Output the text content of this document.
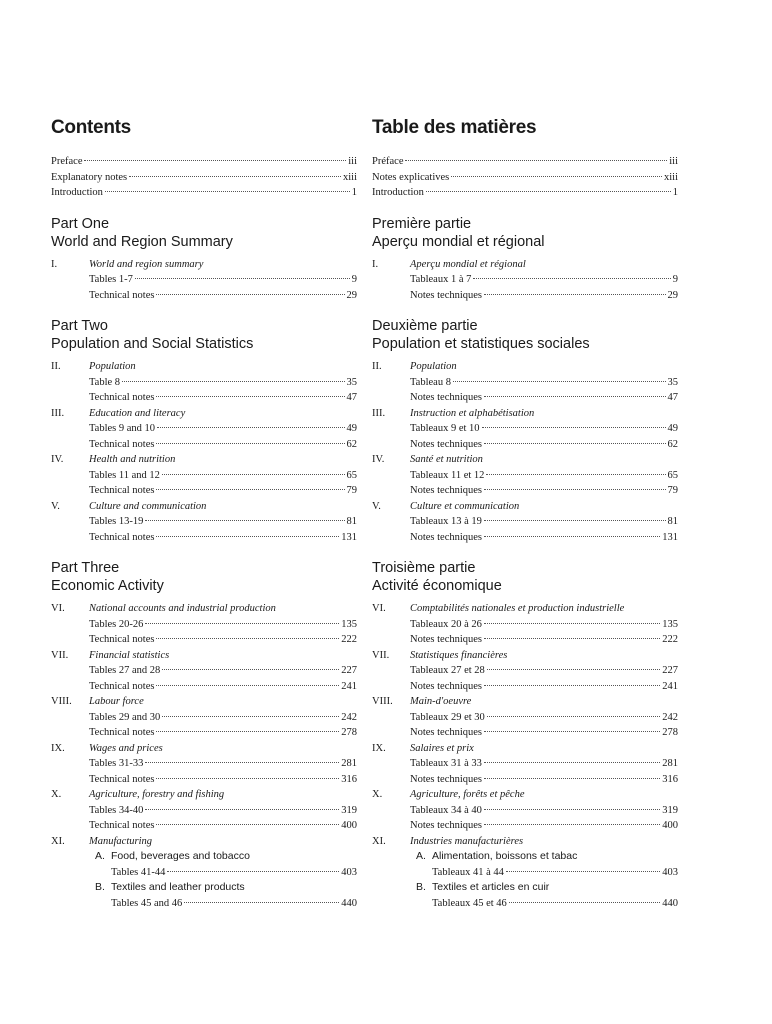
Contents
Preface	iii
Explanatory notes	xiii
Introduction	1
Part One
World and Region Summary
I.	World and region summary
Tables 1-7	9
Technical notes	29
Part Two
Population and Social Statistics
II.	Population
Table 8	35
Technical notes	47
III.	Education and literacy
Tables 9 and 10	49
Technical notes	62
IV.	Health and nutrition
Tables 11 and 12	65
Technical notes	79
V.	Culture and communication
Tables 13-19	81
Technical notes	131
Part Three
Economic Activity
VI.	National accounts and industrial production
Tables 20-26	135
Technical notes	222
VII.	Financial statistics
Tables 27 and 28	227
Technical notes	241
VIII.	Labour force
Tables 29 and 30	242
Technical notes	278
IX.	Wages and prices
Tables 31-33	281
Technical notes	316
X.	Agriculture, forestry and fishing
Tables 34-40	319
Technical notes	400
XI.	Manufacturing
A. Food, beverages and tobacco
Tables 41-44	403
B. Textiles and leather products
Tables 45 and 46	440
Table des matières
Préface	iii
Notes explicatives	xiii
Introduction	1
Première partie
Aperçu mondial et régional
I.	Aperçu mondial et régional
Tableaux 1 à 7	9
Notes techniques	29
Deuxième partie
Population et statistiques sociales
II.	Population
Tableau 8	35
Notes techniques	47
III.	Instruction et alphabétisation
Tableaux 9 et 10	49
Notes techniques	62
IV.	Santé et nutrition
Tableaux 11 et 12	65
Notes techniques	79
V.	Culture et communication
Tableaux 13 à 19	81
Notes techniques	131
Troisième partie
Activité économique
VI.	Comptabilités nationales et production industrielle
Tableaux 20 à 26	135
Notes techniques	222
VII.	Statistiques financières
Tableaux 27 et 28	227
Notes techniques	241
VIII.	Main-d'oeuvre
Tableaux 29 et 30	242
Notes techniques	278
IX.	Salaires et prix
Tableaux 31 à 33	281
Notes techniques	316
X.	Agriculture, forêts et pêche
Tableaux 34 à 40	319
Notes techniques	400
XI.	Industries manufacturières
A. Alimentation, boissons et tabac
Tableaux 41 à 44	403
B. Textiles et articles en cuir
Tableaux 45 et 46	440
